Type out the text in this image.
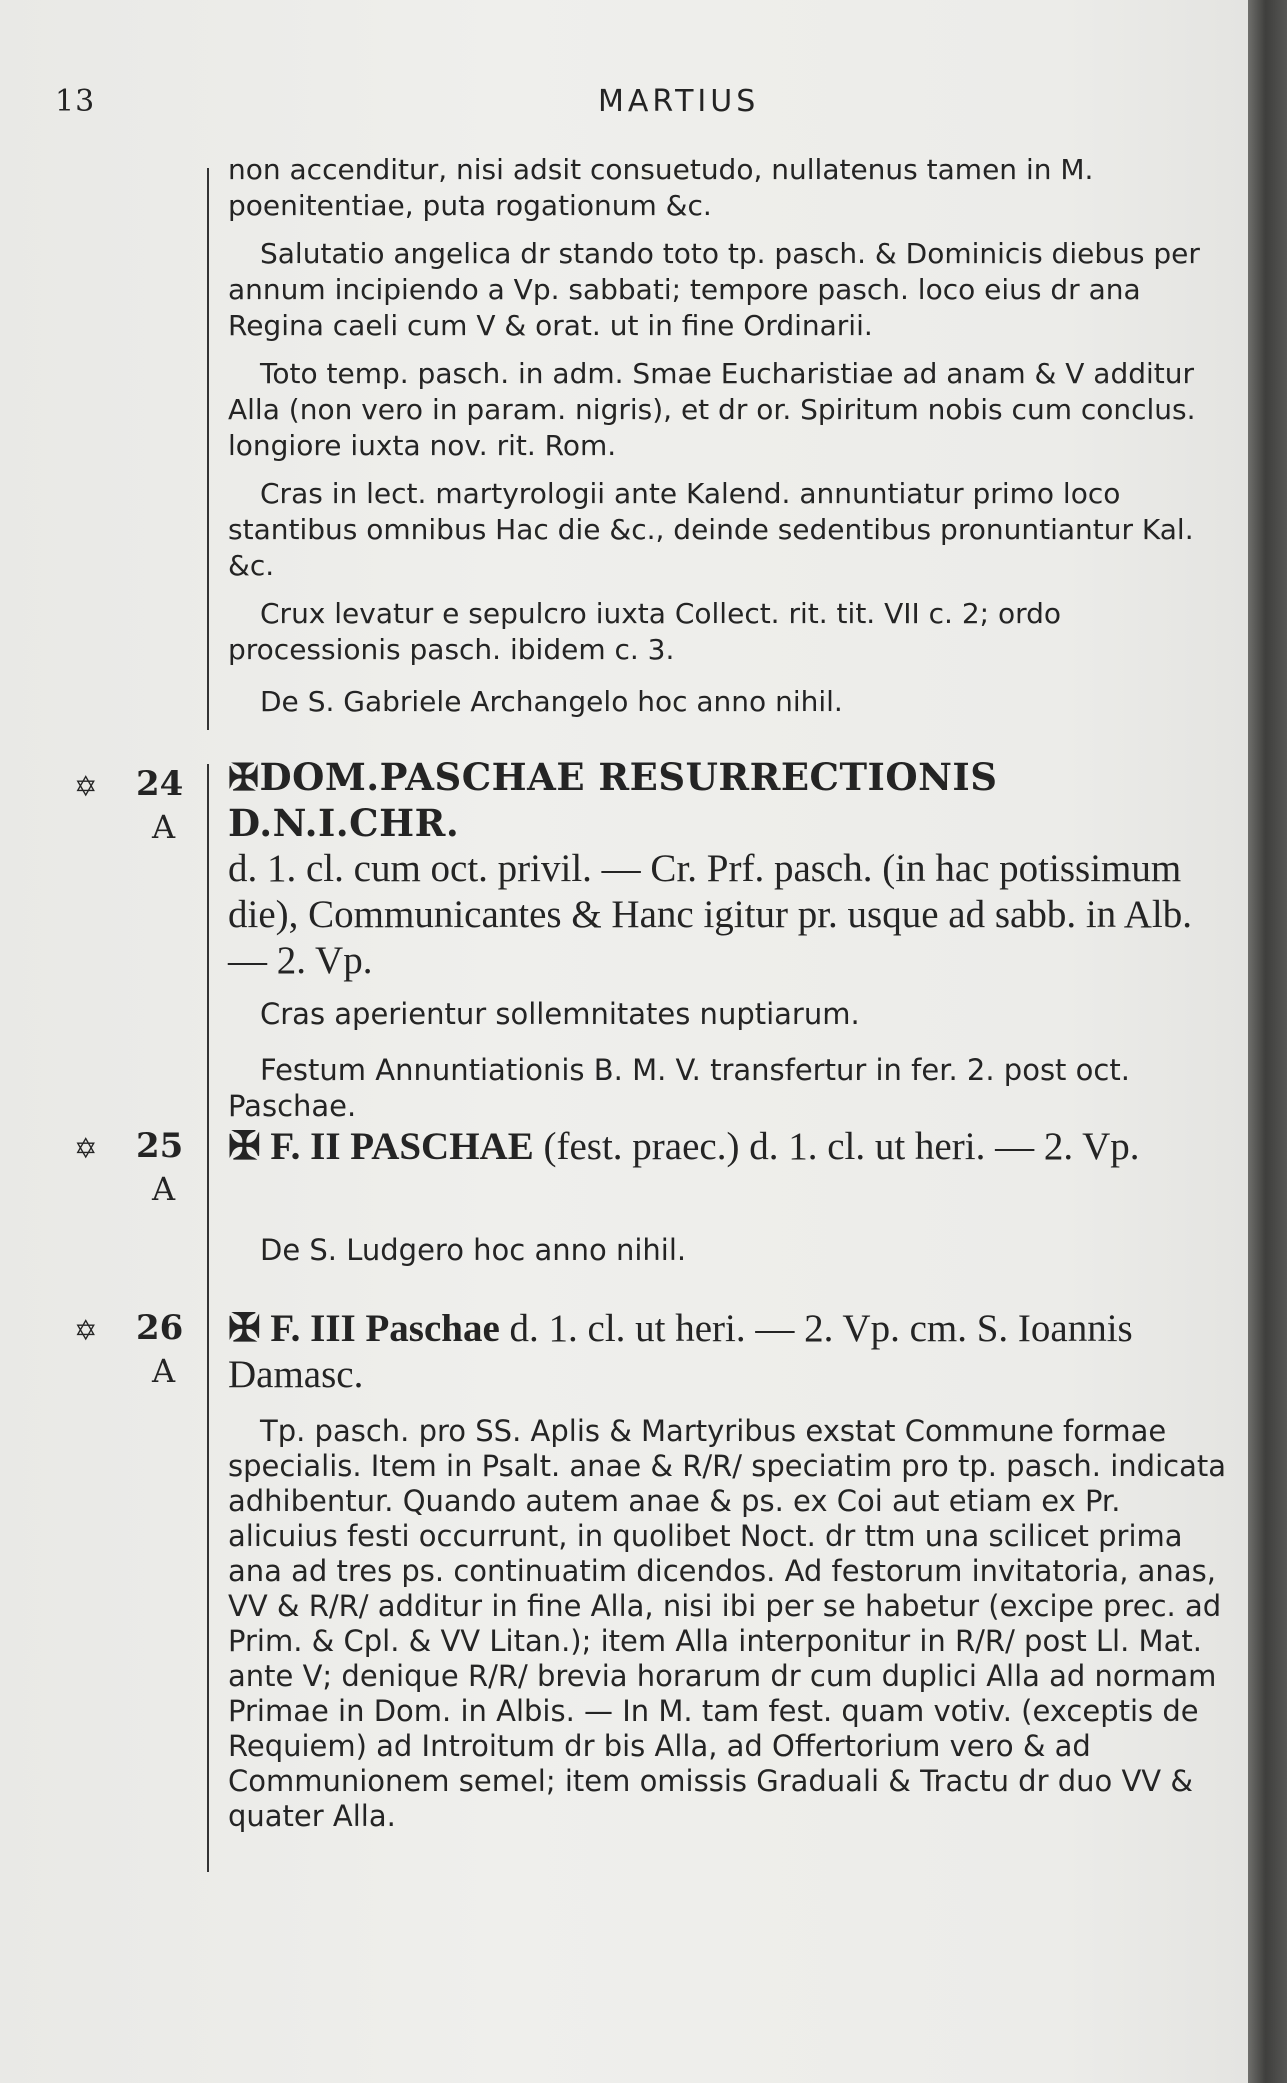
13	MARTIUS
non accenditur, nisi adsit consuetudo, nullatenus tamen in M. poenitentiae, puta rogationum &c.
Salutatio angelica dr stando toto tp. pasch. & Dominicis diebus per annum incipiendo a Vp. sabbati; tempore pasch. loco eius dr ana Regina caeli cum V & orat. ut in fine Ordinarii.
Toto temp. pasch. in adm. Smae Eucharistiae ad anam & V additur Alla (non vero in param. nigris), et dr or. Spiritum nobis cum conclus. longiore iuxta nov. rit. Rom.
Cras in lect. martyrologii ante Kalend. annuntiatur primo loco stantibus omnibus Hac die &c., deinde sedentibus pronuntiantur Kal. &c.
Crux levatur e sepulcro iuxta Collect. rit. tit. VII c. 2; ordo processionis pasch. ibidem c. 3.
De S. Gabriele Archangelo hoc anno nihil.
✡ 24
A
✠DOM.PASCHAE RESURRECTIONIS D.N.I.CHR.
d. 1. cl. cum oct. privil. — Cr. Prf. pasch. (in hac potissimum die), Communicantes & Hanc igitur pr. usque ad sabb. in Alb. — 2. Vp.
Cras aperientur sollemnitates nuptiarum.
Festum Annuntiationis B. M. V. transfertur in fer. 2. post oct. Paschae.
✡ 25
A
✠ F. II PASCHAE (fest. praec.) d. 1. cl. ut heri. — 2. Vp.
De S. Ludgero hoc anno nihil.
✡ 26
A
✠ F. III Paschae d. 1. cl. ut heri. — 2. Vp. cm. S. Ioannis Damasc.
Tp. pasch. pro SS. Aplis & Martyribus exstat Commune formae specialis. Item in Psalt. anae & R/R/ speciatim pro tp. pasch. indicata adhibentur. Quando autem anae & ps. ex Coi aut etiam ex Pr. alicuius festi occurrunt, in quolibet Noct. dr ttm una scilicet prima ana ad tres ps. continuatim dicendos. Ad festorum invitatoria, anas, VV & R/R/ additur in fine Alla, nisi ibi per se habetur (excipe prec. ad Prim. & Cpl. & VV Litan.); item Alla interponitur in R/R/ post Ll. Mat. ante V; denique R/R/ brevia horarum dr cum duplici Alla ad normam Primae in Dom. in Albis. — In M. tam fest. quam votiv. (exceptis de Requiem) ad Introitum dr bis Alla, ad Offertorium vero & ad Communionem semel; item omissis Graduali & Tractu dr duo VV & quater Alla.
